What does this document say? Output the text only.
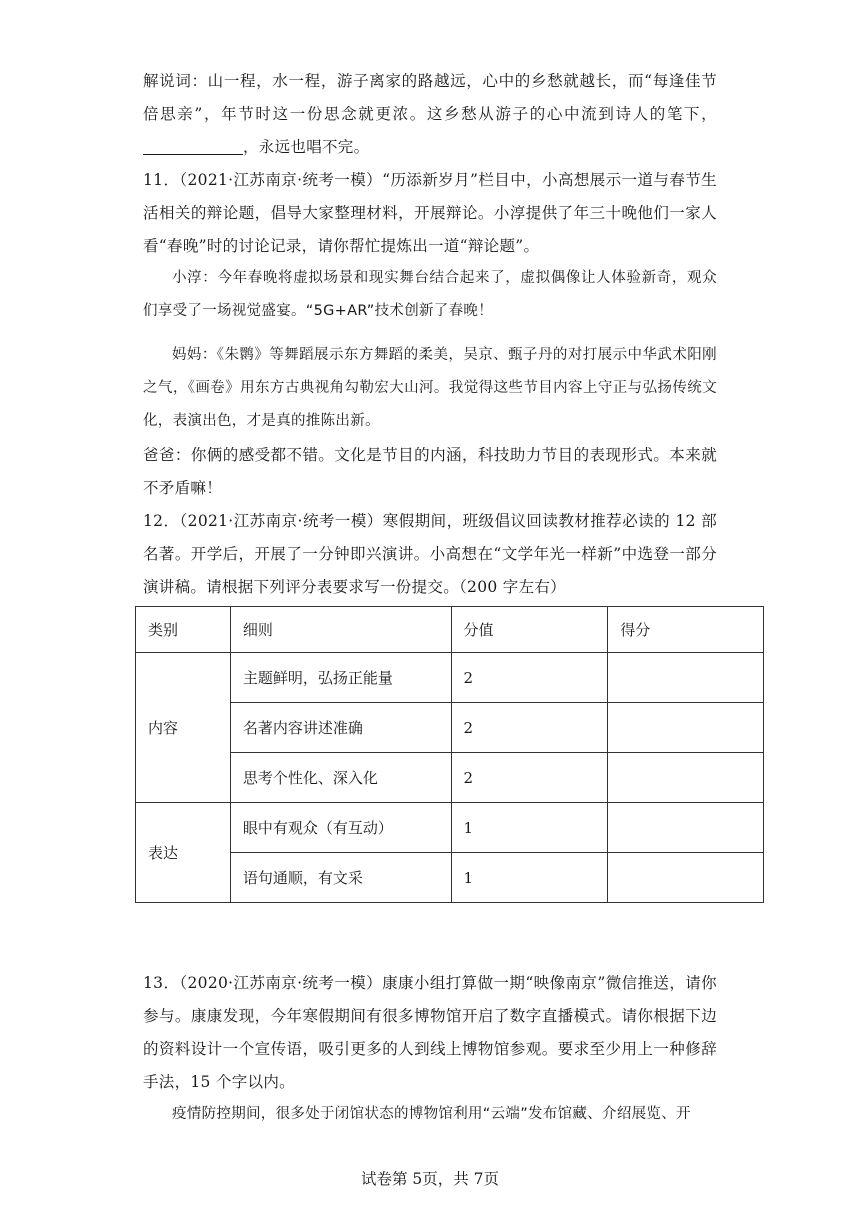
解说词：山一程，水一程，游子离家的路越远，心中的乡愁就越长，而“每逢佳节倍思亲”，年节时这一份思念就更浓。这乡愁从游子的心中流到诗人的笔下，，永远也唱不完。
11．（2021·江苏南京·统考一模）“历添新岁月”栏目中，小高想展示一道与春节生活相关的辩论题，倡导大家整理材料，开展辩论。小淳提供了年三十晚他们一家人看“春晚”时的讨论记录，请你帮忙提炼出一道“辩论题”。
小淳：今年春晚将虚拟场景和现实舞台结合起来了，虚拟偶像让人体验新奇，观众们享受了一场视觉盛宴。“5G+AR”技术创新了春晚！
妈妈：《朱鹮》等舞蹈展示东方舞蹈的柔美，吴京、甄子丹的对打展示中华武术阳刚之气，《画卷》用东方古典视角勾勒宏大山河。我觉得这些节目内容上守正与弘扬传统文化，表演出色，才是真的推陈出新。
爸爸：你俩的感受都不错。文化是节目的内涵，科技助力节目的表现形式。本来就不矛盾嘛！
12．（2021·江苏南京·统考一模）寒假期间，班级倡议回读教材推荐必读的 12 部名著。开学后，开展了一分钟即兴演讲。小高想在“文学年光一样新”中选登一部分演讲稿。请根据下列评分表要求写一份提交。（200 字左右）
类别	细则	分值	得分
内容	主题鲜明，弘扬正能量	2	
	名著内容讲述准确	2	
	思考个性化、深入化	2	
表达	眼中有观众（有互动）	1	
	语句通顺，有文采	1	
13．（2020·江苏南京·统考一模）康康小组打算做一期“映像南京”微信推送，请你参与。康康发现，今年寒假期间有很多博物馆开启了数字直播模式。请你根据下边的资料设计一个宣传语，吸引更多的人到线上博物馆参观。要求至少用上一种修辞手法，15 个字以内。
疫情防控期间，很多处于闭馆状态的博物馆利用“云端”发布馆藏、介绍展览、开
试卷第 5页，共 7页
